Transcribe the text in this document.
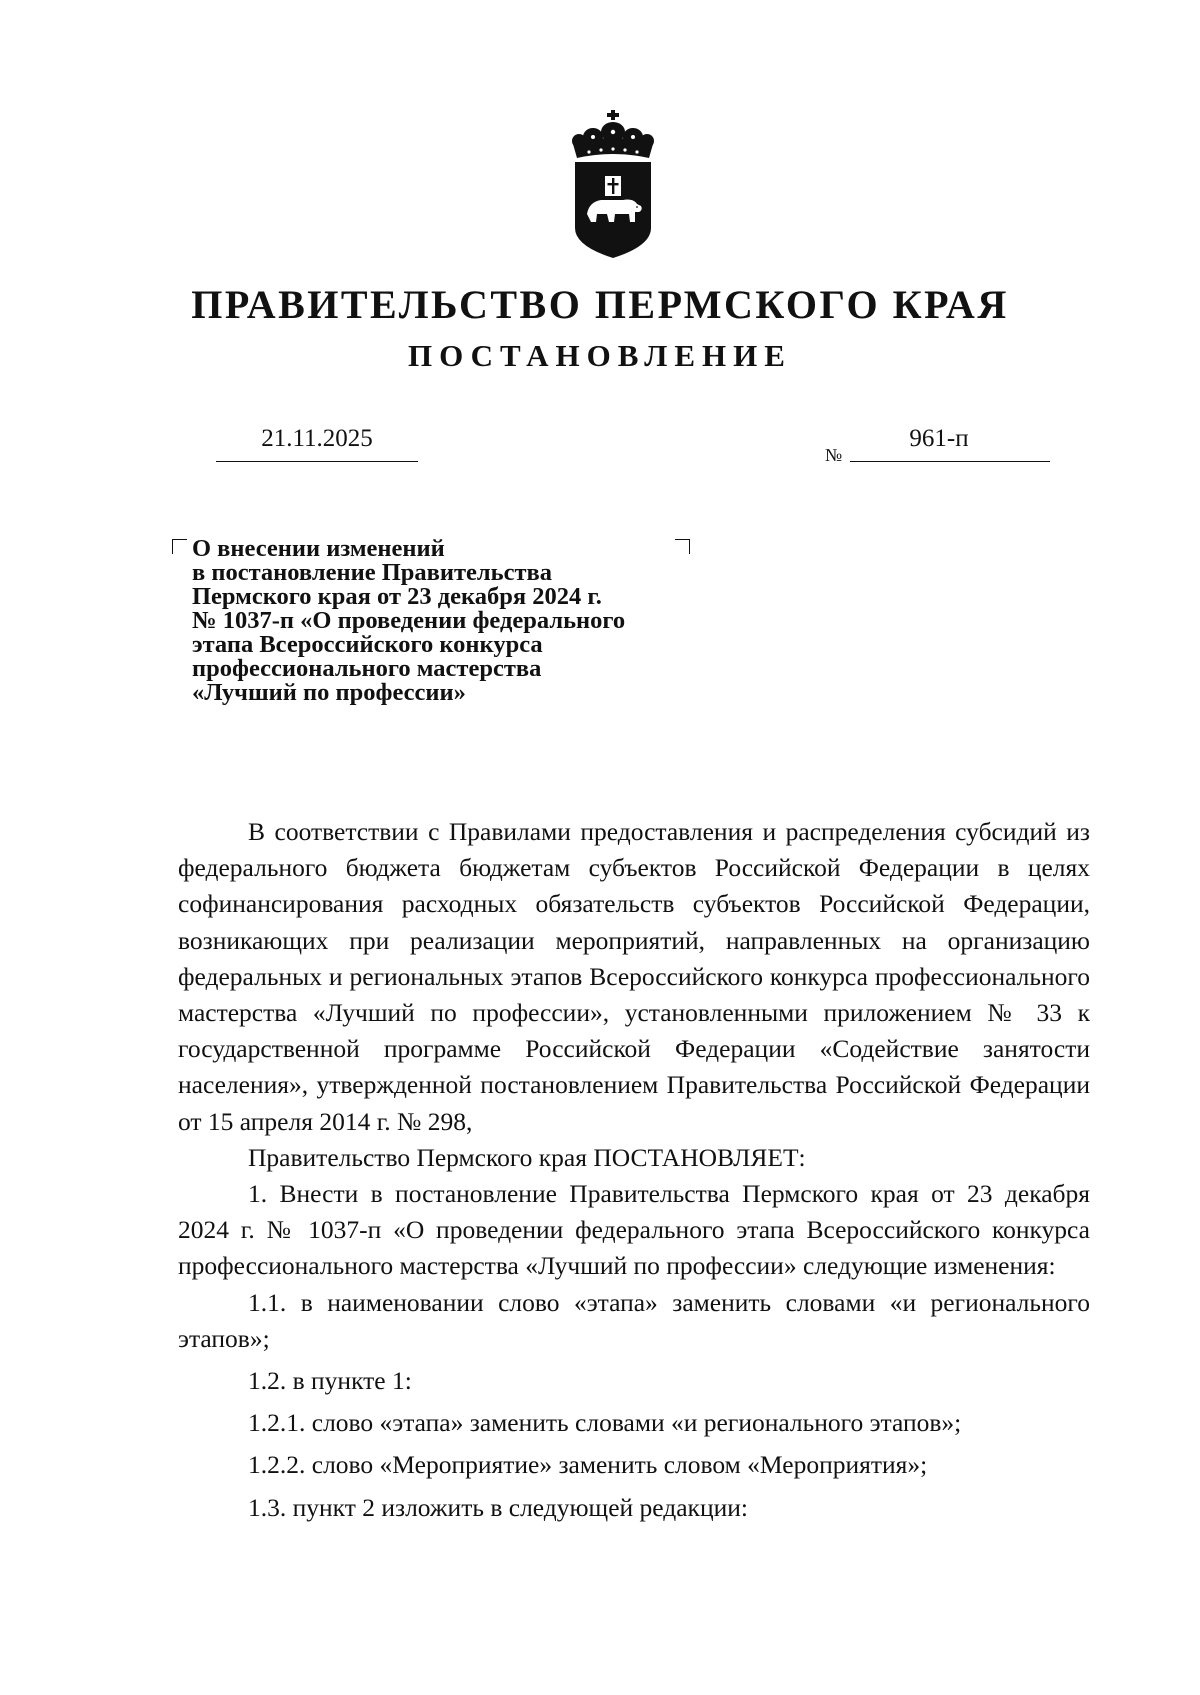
ПРАВИТЕЛЬСТВО ПЕРМСКОГО КРАЯ
ПОСТАНОВЛЕНИЕ
21.11.2025
№
961-п
О внесении изменений
в постановление Правительства
Пермского края от 23 декабря 2024 г.
№ 1037-п «О проведении федерального
этапа Всероссийского конкурса
профессионального мастерства
«Лучший по профессии»

В соответствии с Правилами предоставления и распределения субсидий из федерального бюджета бюджетам субъектов Российской Федерации в целях софинансирования расходных обязательств субъектов Российской Федерации, возникающих при реализации мероприятий, направленных на организацию федеральных и региональных этапов Всероссийского конкурса профессионального мастерства «Лучший по профессии», установленными приложением № 33 к государственной программе Российской Федерации «Содействие занятости населения», утвержденной постановлением Правительства Российской Федерации от 15 апреля 2014 г. № 298,

Правительство Пермского края ПОСТАНОВЛЯЕТ:

1. Внести в постановление Правительства Пермского края от 23 декабря 2024 г. № 1037-п «О проведении федерального этапа Всероссийского конкурса профессионального мастерства «Лучший по профессии» следующие изменения:

1.1. в наименовании слово «этапа» заменить словами «и регионального этапов»;

1.2. в пункте 1:

1.2.1. слово «этапа» заменить словами «и регионального этапов»;

1.2.2. слово «Мероприятие» заменить словом «Мероприятия»;

1.3. пункт 2 изложить в следующей редакции:
